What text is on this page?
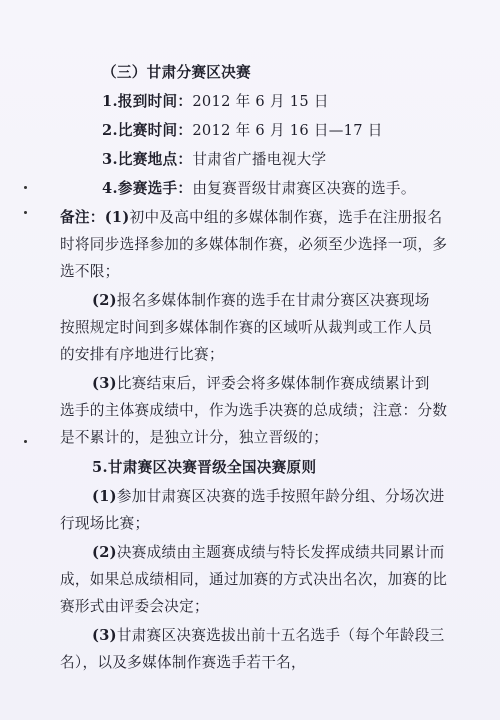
（三）甘肃分赛区决赛
1.报到时间：2012 年 6 月 15 日
2.比赛时间：2012 年 6 月 16 日—17 日
3.比赛地点：甘肃省广播电视大学
4.参赛选手：由复赛晋级甘肃赛区决赛的选手。
备注：(1)初中及高中组的多媒体制作赛，选手在注册报名
时将同步选择参加的多媒体制作赛，必须至少选择一项，多
选不限；
(2)报名多媒体制作赛的选手在甘肃分赛区决赛现场
按照规定时间到多媒体制作赛的区域听从裁判或工作人员
的安排有序地进行比赛；
(3)比赛结束后，评委会将多媒体制作赛成绩累计到
选手的主体赛成绩中，作为选手决赛的总成绩；注意：分数
是不累计的，是独立计分，独立晋级的；
5.甘肃赛区决赛晋级全国决赛原则
(1)参加甘肃赛区决赛的选手按照年龄分组、分场次进
行现场比赛；
(2)决赛成绩由主题赛成绩与特长发挥成绩共同累计而
成，如果总成绩相同，通过加赛的方式决出名次，加赛的比
赛形式由评委会决定；
(3)甘肃赛区决赛选拔出前十五名选手（每个年龄段三
名），以及多媒体制作赛选手若干名，
